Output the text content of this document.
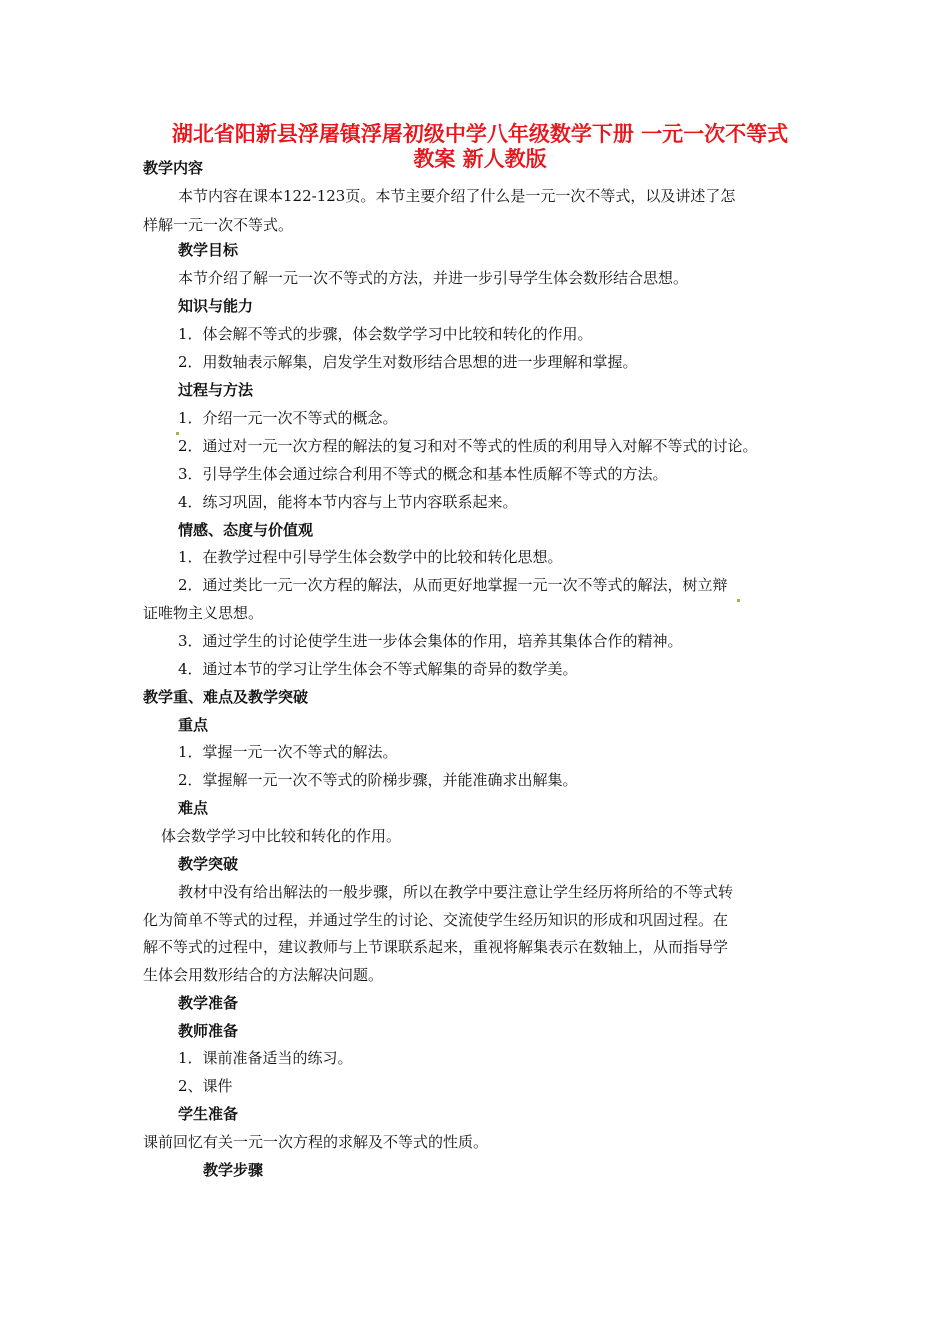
湖北省阳新县浮屠镇浮屠初级中学八年级数学下册 一元一次不等式
教案 新人教版
教学内容
本节内容在课本122-123页。本节主要介绍了什么是一元一次不等式，以及讲述了怎
样解一元一次不等式。
教学目标
本节介绍了解一元一次不等式的方法，并进一步引导学生体会数形结合思想。
知识与能力
1．体会解不等式的步骤，体会数学学习中比较和转化的作用。
2．用数轴表示解集，启发学生对数形结合思想的进一步理解和掌握。
过程与方法
1．介绍一元一次不等式的概念。
2．通过对一元一次方程的解法的复习和对不等式的性质的利用导入对解不等式的讨论。
3．引导学生体会通过综合利用不等式的概念和基本性质解不等式的方法。
4．练习巩固，能将本节内容与上节内容联系起来。
情感、态度与价值观
1．在教学过程中引导学生体会数学中的比较和转化思想。
2．通过类比一元一次方程的解法，从而更好地掌握一元一次不等式的解法，树立辩
证唯物主义思想。
3．通过学生的讨论使学生进一步体会集体的作用，培养其集体合作的精神。
4．通过本节的学习让学生体会不等式解集的奇异的数学美。
教学重、难点及教学突破
重点
1．掌握一元一次不等式的解法。
2．掌握解一元一次不等式的阶梯步骤，并能准确求出解集。
难点
体会数学学习中比较和转化的作用。
教学突破
教材中没有给出解法的一般步骤，所以在教学中要注意让学生经历将所给的不等式转
化为简单不等式的过程，并通过学生的讨论、交流使学生经历知识的形成和巩固过程。在
解不等式的过程中，建议教师与上节课联系起来，重视将解集表示在数轴上，从而指导学
生体会用数形结合的方法解决问题。
教学准备
教师准备
1．课前准备适当的练习。
2、课件
学生准备
课前回忆有关一元一次方程的求解及不等式的性质。
教学步骤
